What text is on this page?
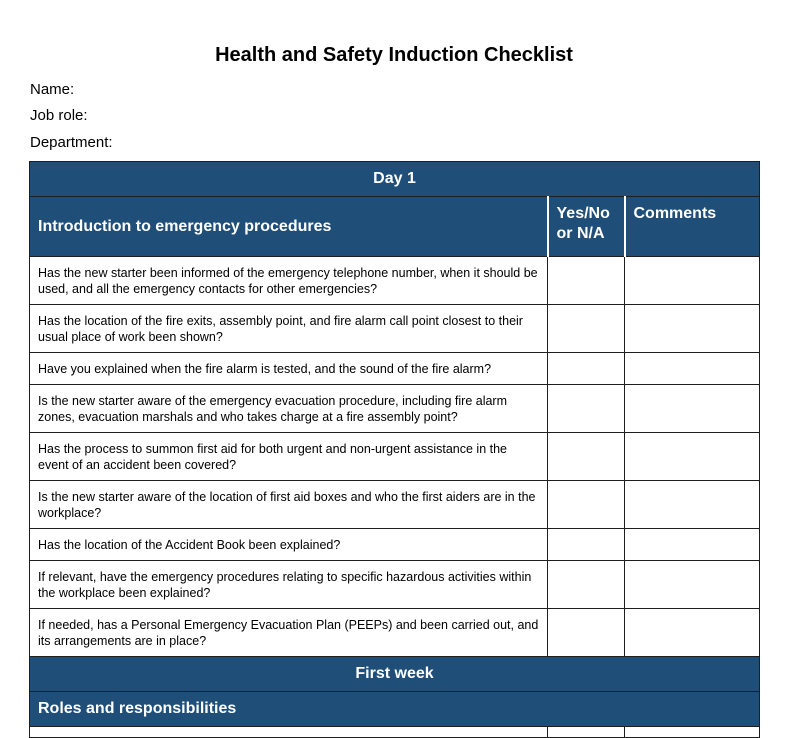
Health and Safety Induction Checklist
Name:
Job role:
Department:
Day 1		
Introduction to emergency procedures	Yes/No or N/A	Comments
Has the new starter been informed of the emergency telephone number, when it should be used, and all the emergency contacts for other emergencies?		
Has the location of the fire exits, assembly point, and fire alarm call point closest to their usual place of work been shown?		
Have you explained when the fire alarm is tested, and the sound of the fire alarm?		
Is the new starter aware of the emergency evacuation procedure, including fire alarm zones, evacuation marshals and who takes charge at a fire assembly point?		
Has the process to summon first aid for both urgent and non-urgent assistance in the event of an accident been covered?		
Is the new starter aware of the location of first aid boxes and who the first aiders are in the workplace?		
Has the location of the Accident Book been explained?		
If relevant, have the emergency procedures relating to specific hazardous activities within the workplace been explained?		
If needed, has a Personal Emergency Evacuation Plan (PEEPs) and been carried out, and its arrangements are in place?		
First week		
Roles and responsibilities		
